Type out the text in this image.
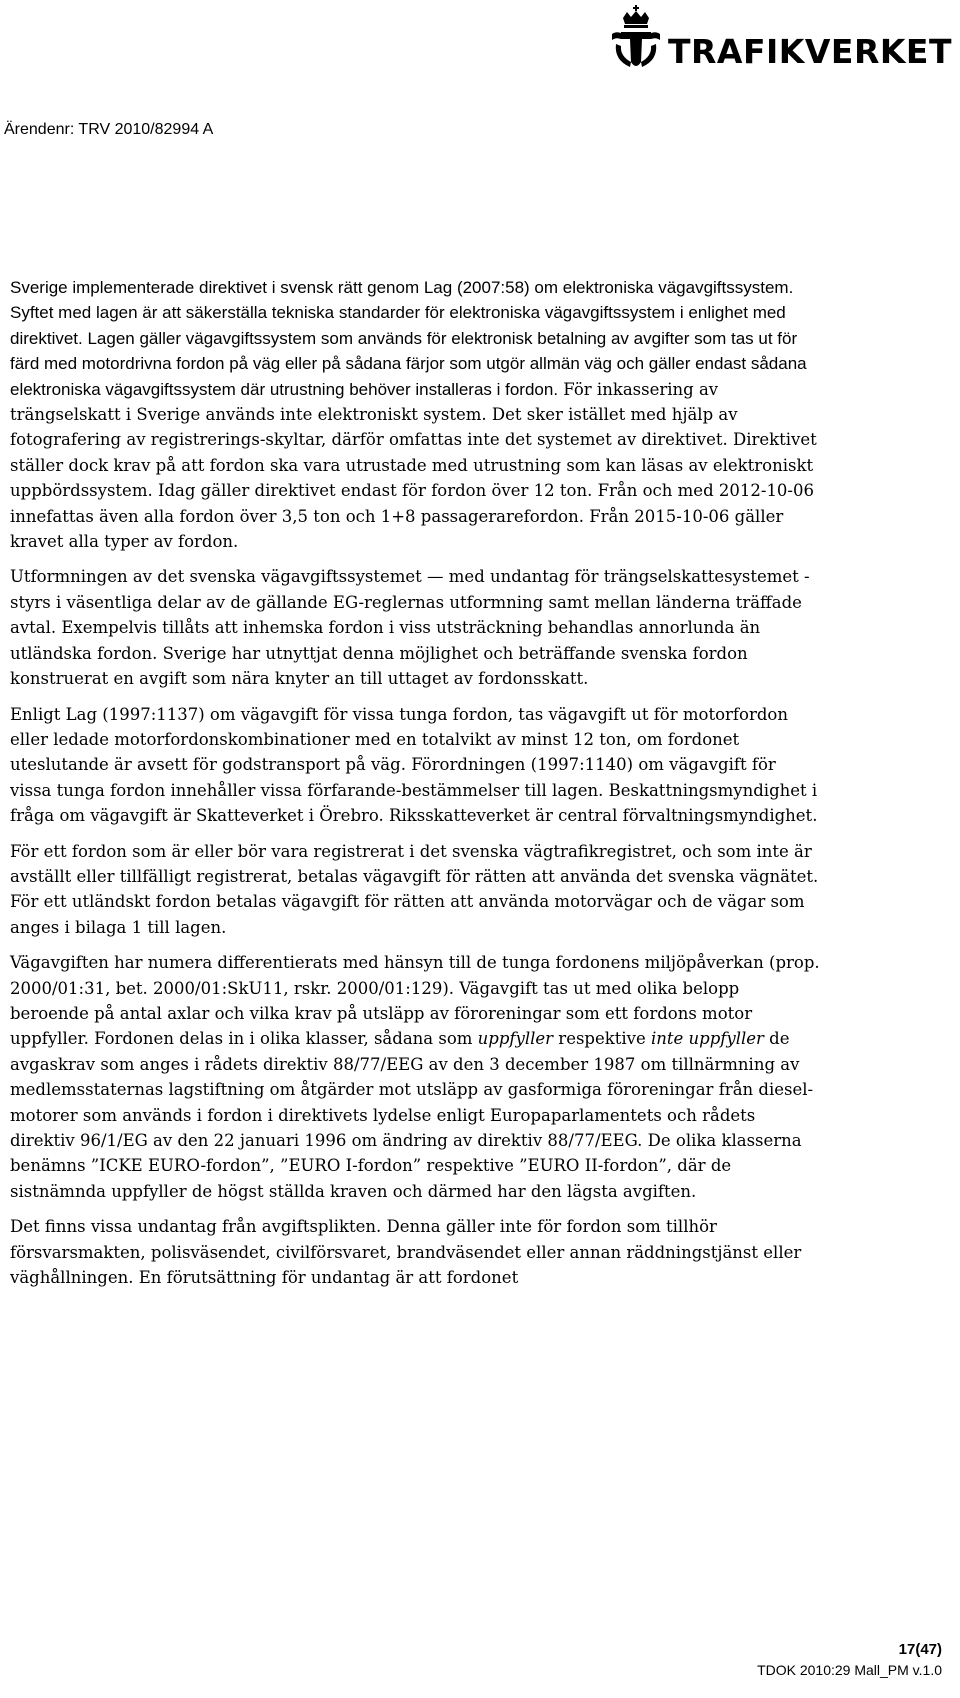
TRAFIKVERKET
Ärendenr: TRV 2010/82994 A

Sverige implementerade direktivet i svensk rätt genom Lag (2007:58) om elektroniska vägavgiftssystem. Syftet med lagen är att säkerställa tekniska standarder för elektroniska vägavgiftssystem i enlighet med direktivet. Lagen gäller vägavgiftssystem som används för elektronisk betalning av avgifter som tas ut för färd med motordrivna fordon på väg eller på sådana färjor som utgör allmän väg och gäller endast sådana elektroniska vägavgiftssystem där utrustning behöver installeras i fordon. För inkassering av trängselskatt i Sverige används inte elektroniskt system. Det sker istället med hjälp av fotografering av registrerings-skyltar, därför omfattas inte det systemet av direktivet. Direktivet ställer dock krav på att fordon ska vara utrustade med utrustning som kan läsas av elektroniskt uppbördssystem. Idag gäller direktivet endast för fordon över 12 ton. Från och med 2012-10-06 innefattas även alla fordon över 3,5 ton och 1+8 passagerarefordon. Från 2015-10-06 gäller kravet alla typer av fordon.

Utformningen av det svenska vägavgiftssystemet — med undantag för trängselskattesystemet - styrs i väsentliga delar av de gällande EG-reglernas utformning samt mellan länderna träffade avtal. Exempelvis tillåts att inhemska fordon i viss utsträckning behandlas annorlunda än utländska fordon. Sverige har utnyttjat denna möjlighet och beträffande svenska fordon konstruerat en avgift som nära knyter an till uttaget av fordonsskatt.

Enligt Lag (1997:1137) om vägavgift för vissa tunga fordon, tas vägavgift ut för motorfordon eller ledade motorfordonskombinationer med en totalvikt av minst 12 ton, om fordonet uteslutande är avsett för godstransport på väg. Förordningen (1997:1140) om vägavgift för vissa tunga fordon innehåller vissa förfarande-bestämmelser till lagen. Beskattningsmyndighet i fråga om vägavgift är Skatteverket i Örebro. Riksskatteverket är central förvaltningsmyndighet.

För ett fordon som är eller bör vara registrerat i det svenska vägtrafikregistret, och som inte är avställt eller tillfälligt registrerat, betalas vägavgift för rätten att använda det svenska vägnätet. För ett utländskt fordon betalas vägavgift för rätten att använda motorvägar och de vägar som anges i bilaga 1 till lagen.

Vägavgiften har numera differentierats med hänsyn till de tunga fordonens miljöpåverkan (prop. 2000/01:31, bet. 2000/01:SkU11, rskr. 2000/01:129). Vägavgift tas ut med olika belopp beroende på antal axlar och vilka krav på utsläpp av föroreningar som ett fordons motor uppfyller. Fordonen delas in i olika klasser, sådana som uppfyller respektive inte uppfyller de avgaskrav som anges i rådets direktiv 88/77/EEG av den 3 december 1987 om tillnärmning av medlemsstaternas lagstiftning om åtgärder mot utsläpp av gasformiga föroreningar från diesel-motorer som används i fordon i direktivets lydelse enligt Europaparlamentets och rådets direktiv 96/1/EG av den 22 januari 1996 om ändring av direktiv 88/77/EEG. De olika klasserna benämns ”ICKE EURO-fordon”, ”EURO I-fordon” respektive ”EURO II-fordon”, där de sistnämnda uppfyller de högst ställda kraven och därmed har den lägsta avgiften.

Det finns vissa undantag från avgiftsplikten. Denna gäller inte för fordon som tillhör försvarsmakten, polisväsendet, civilförsvaret, brandväsendet eller annan räddningstjänst eller väghållningen. En förutsättning för undantag är att fordonet

17(47)
TDOK 2010:29 Mall_PM v.1.0
